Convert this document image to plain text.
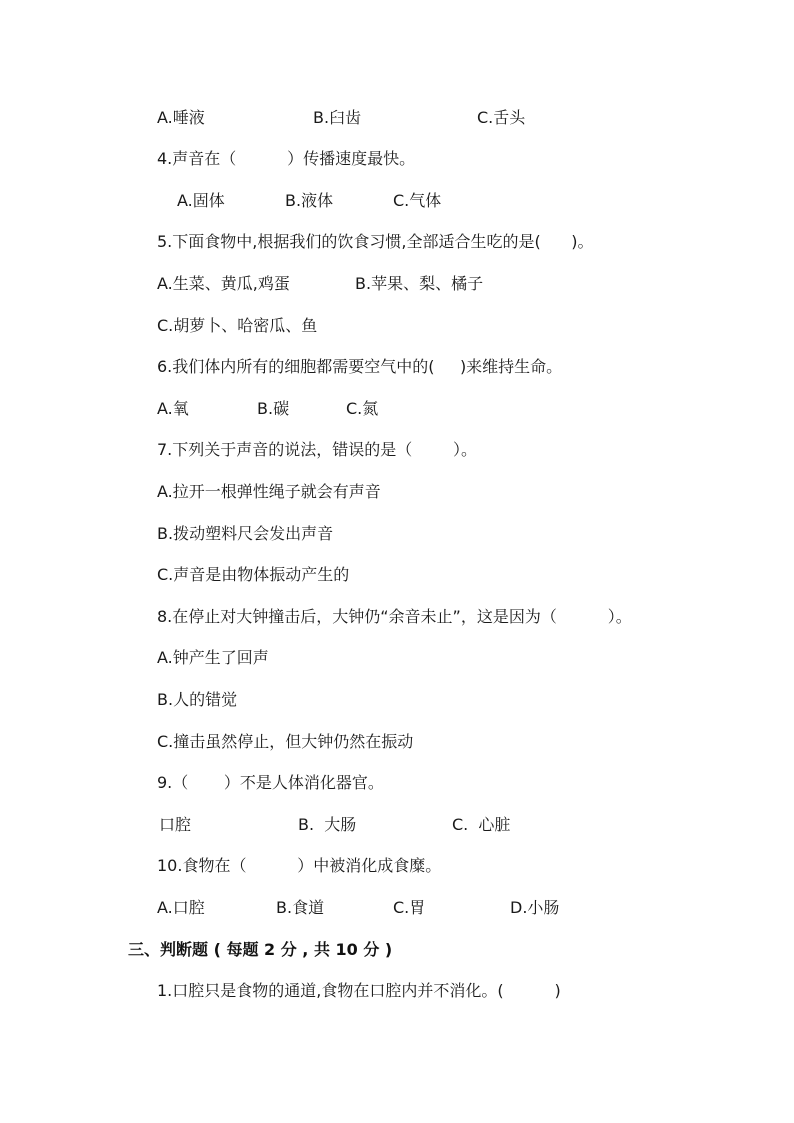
A.唾液	B.臼齿	C.舌头
4.声音在（          ）传播速度最快。
A.固体	B.液体	C.气体
5.下面食物中,根据我们的饮食习惯,全部适合生吃的是(      )。
A.生菜、黄瓜,鸡蛋	B.苹果、梨、橘子
C.胡萝卜、哈密瓜、鱼
6.我们体内所有的细胞都需要空气中的(     )来维持生命。
A.氧	B.碳	C.氮
7.下列关于声音的说法，错误的是（        ）。
A.拉开一根弹性绳子就会有声音
B.拨动塑料尺会发出声音
C.声音是由物体振动产生的
8.在停止对大钟撞击后，大钟仍“余音未止”，这是因为（          ）。
A.钟产生了回声
B.人的错觉
C.撞击虽然停止，但大钟仍然在振动
9.（       ）不是人体消化器官。
口腔	B.  大肠	C.  心脏
10.食物在（          ）中被消化成食糜。
A.口腔	B.食道	C.胃	D.小肠
三、判断题 ( 每题 2 分 , 共 10 分 )
1.口腔只是食物的通道,食物在口腔内并不消化。(          )
